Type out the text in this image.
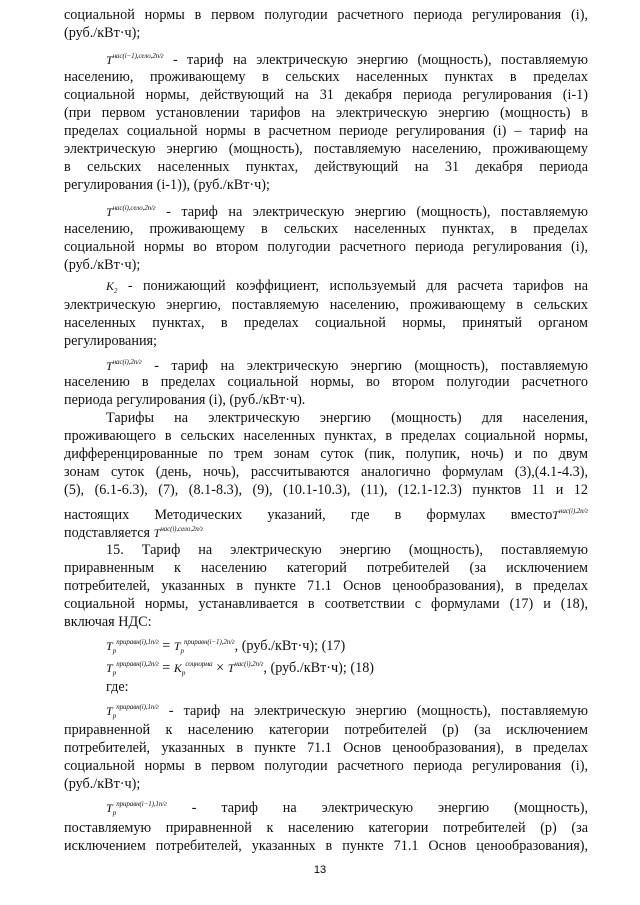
социальной нормы в первом полугодии расчетного периода регулирования (i),
(руб./кВт·ч);
$T^{нас(i-1),село,2п/г}$ - тариф на электрическую энергию (мощность), поставляемую
населению, проживающему в сельских населенных пунктах в пределах
социальной нормы, действующий на 31 декабря периода регулирования (i-1)
(при первом установлении тарифов на электрическую энергию (мощность) в
пределах социальной нормы в расчетном периоде регулирования (i) – тариф на
электрическую энергию (мощность), поставляемую населению, проживающему
в сельских населенных пунктах, действующий на 31 декабря периода
регулирования (i-1)), (руб./кВт·ч);
$T^{нас(i),село,2п/г}$ - тариф на электрическую энергию (мощность), поставляемую
населению, проживающему в сельских населенных пунктах, в пределах
социальной нормы во втором полугодии расчетного периода регулирования (i),
(руб./кВт·ч);
$K_2$ - понижающий коэффициент, используемый для расчета тарифов на
электрическую энергию, поставляемую населению, проживающему в сельских
населенных пунктах, в пределах социальной нормы, принятый органом
регулирования;
$T^{нас(i),2п/г}$ - тариф на электрическую энергию (мощность), поставляемую
населению в пределах социальной нормы, во втором полугодии расчетного
периода регулирования (i), (руб./кВт·ч).
Тарифы на электрическую энергию (мощность) для населения,
проживающего в сельских населенных пунктах, в пределах социальной нормы,
дифференцированные по трем зонам суток (пик, полупик, ночь) и по двум
зонам суток (день, ночь), рассчитываются аналогично формулам (3),(4.1-4.3),
(5), (6.1-6.3), (7), (8.1-8.3), (9), (10.1-10.3), (11), (12.1-12.3) пунктов 11 и 12
настоящих Методических указаний, где в формулах вместоT$^{нас(i),2п/г}$
подставляется $T^{нас(i),село,2п/г}$
15. Тариф на электрическую энергию (мощность), поставляемую
приравненным к населению категорий потребителей (за исключением
потребителей, указанных в пункте 71.1 Основ ценообразования), в пределах
социальной нормы, устанавливается в соответствии с формулами (17) и (18),
включая НДС:
$T_р^{приравн(i),1п/г} = T_р^{приравн(i-1),2п/г}$, (руб./кВт·ч); (17)
$T_р^{приравн(i),2п/г} = K_р^{соцнорма} \times T^{нас(i),2п/г}$, (руб./кВт·ч); (18)
где:
$T_р^{приравн(i),1п/г}$ - тариф на электрическую энергию (мощность), поставляемую
приравненной к населению категории потребителей (р) (за исключением
потребителей, указанных в пункте 71.1 Основ ценообразования), в пределах
социальной нормы в первом полугодии расчетного периода регулирования (i),
(руб./кВт·ч);
$T_р^{приравн(i-1),1п/г}$ - тариф на электрическую энергию (мощность),
поставляемую приравненной к населению категории потребителей (р) (за
исключением потребителей, указанных в пункте 71.1 Основ ценообразования),
13
